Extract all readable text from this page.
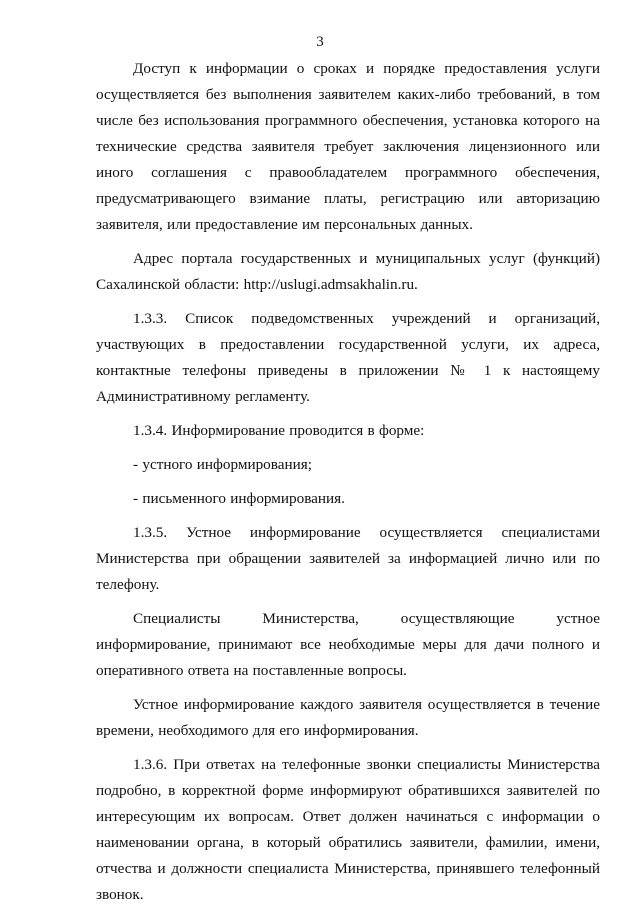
3

Доступ к информации о сроках и порядке предоставления услуги осуществляется без выполнения заявителем каких-либо требований, в том числе без использования программного обеспечения, установка которого на технические средства заявителя требует заключения лицензионного или иного соглашения с правообладателем программного обеспечения, предусматривающего взимание платы, регистрацию или авторизацию заявителя, или предоставление им персональных данных.

Адрес портала государственных и муниципальных услуг (функций) Сахалинской области: http://uslugi.admsakhalin.ru.

1.3.3. Список подведомственных учреждений и организаций, участвующих в предоставлении государственной услуги, их адреса, контактные телефоны приведены в приложении № 1 к настоящему Административному регламенту.

1.3.4. Информирование проводится в форме:

- устного информирования;

- письменного информирования.

1.3.5. Устное информирование осуществляется специалистами Министерства при обращении заявителей за информацией лично или по телефону.

Специалисты Министерства, осуществляющие устное информирование, принимают все необходимые меры для дачи полного и оперативного ответа на поставленные вопросы.

Устное информирование каждого заявителя осуществляется в течение времени, необходимого для его информирования.

1.3.6. При ответах на телефонные звонки специалисты Министерства подробно, в корректной форме информируют обратившихся заявителей по интересующим их вопросам. Ответ должен начинаться с информации о наименовании органа, в который обратились заявители, фамилии, имени, отчества и должности специалиста Министерства, принявшего телефонный звонок.
